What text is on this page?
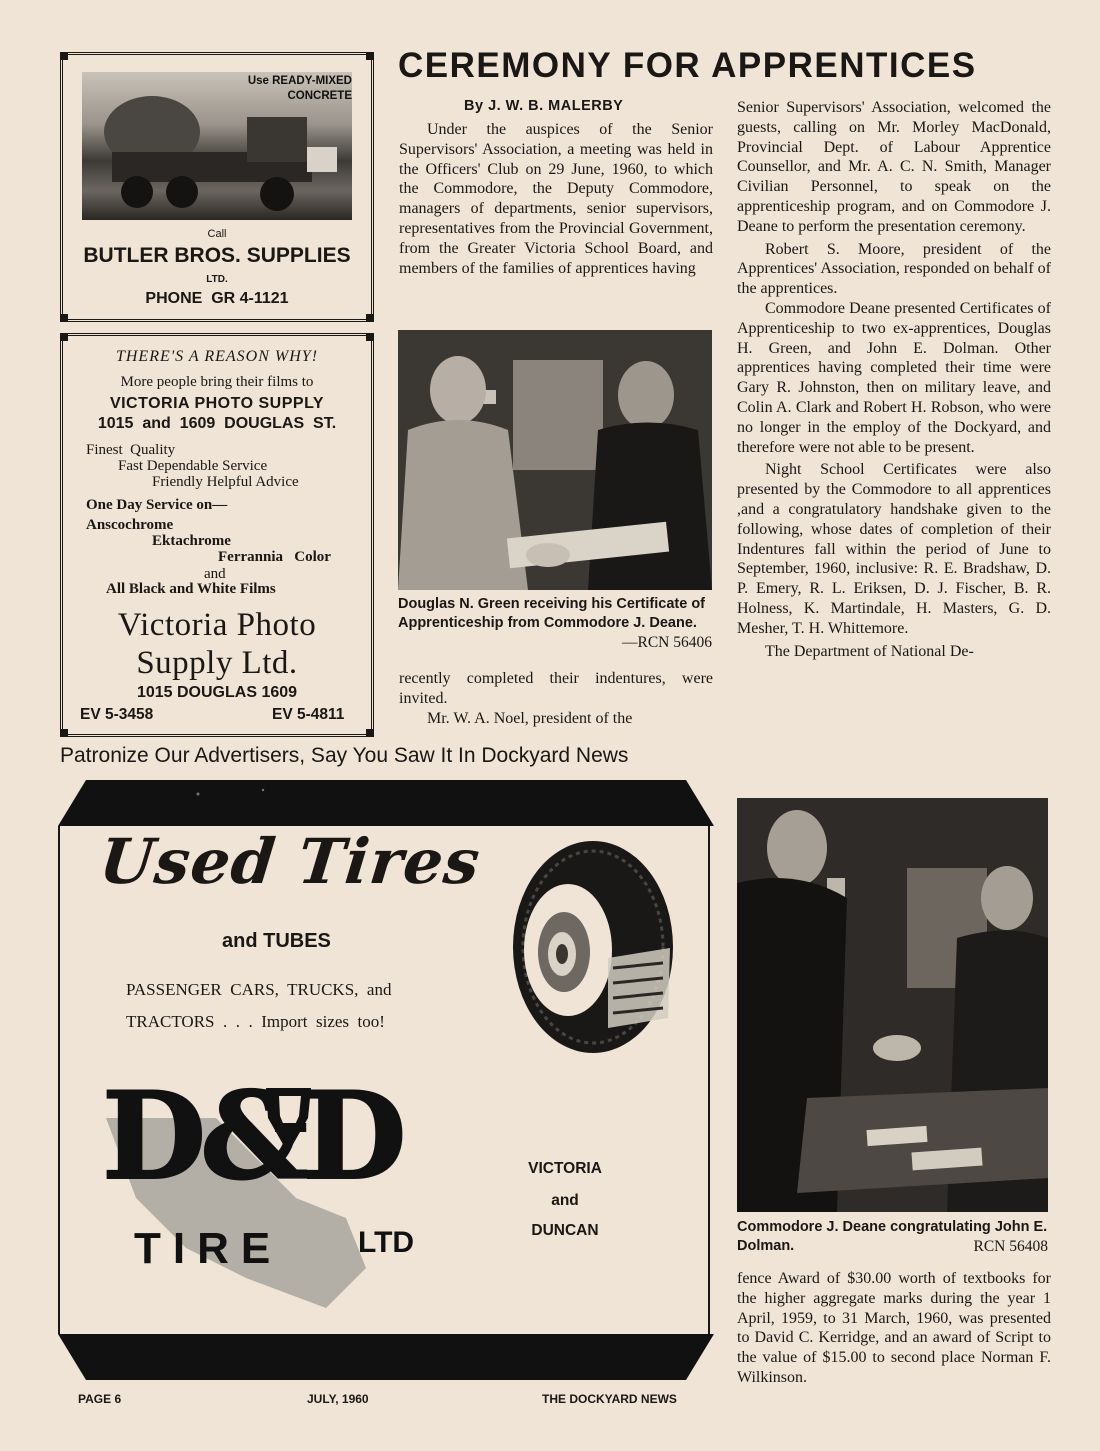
Use READY-MIXED
CONCRETE
Call
BUTLER BROS. SUPPLIES
LTD.
PHONE  GR 4-1121
THERE'S A REASON WHY!
More people bring their films to
VICTORIA PHOTO SUPPLY
1015  and  1609  DOUGLAS  ST.
Finest  Quality
Fast Dependable Service
Friendly Helpful Advice
One Day Service on—
Anscochrome
Ektachrome
Ferrannia   Color
and
All Black and White Films
Victoria Photo
Supply Ltd.
1015 DOUGLAS 1609
EV 5-3458	EV 5-4811
Patronize Our Advertisers, Say You Saw It In Dockyard News
CEREMONY FOR APPRENTICES
By J. W. B. MALERBY

Under the auspices of the Senior Supervisors' Association, a meeting was held in the Officers' Club on 29 June, 1960, to which the Commodore, the Deputy Commodore, managers of departments, senior supervisors, representatives from the Provincial Government, from the Greater Victoria School Board, and members of the families of apprentices having

Douglas N. Green receiving his Certificate of Apprenticeship from Commodore J. Deane.
—RCN 56406

recently completed their indentures, were invited.

Mr. W. A. Noel, president of the

Senior Supervisors' Association, welcomed the guests, calling on Mr. Morley MacDonald, Provincial Dept. of Labour Apprentice Counsellor, and Mr. A. C. N. Smith, Manager Civilian Personnel, to speak on the apprenticeship program, and on Commodore J. Deane to perform the presentation ceremony.

Robert S. Moore, president of the Apprentices' Association, responded on behalf of the apprentices.

Commodore Deane presented Certificates of Apprenticeship to two ex-apprentices, Douglas H. Green, and John E. Dolman. Other apprentices having completed their time were Gary R. Johnston, then on military leave, and Colin A. Clark and Robert H. Robson, who were no longer in the employ of the Dockyard, and therefore were not able to be present.

Night School Certificates were also presented by the Commodore to all apprentices ,and a congratulatory handshake given to the following, whose dates of completion of their Indentures fall within the period of June to September, 1960, inclusive: R. E. Bradshaw, D. P. Emery, R. L. Eriksen, D. J. Fischer, B. R. Holness, K. Martindale, H. Masters, G. D. Mesher, T. H. Whittemore.

The Department of National De-

Commodore J. Deane congratulating John E. Dolman.	RCN 56408

fence Award of $30.00 worth of textbooks for the higher aggregate marks during the year 1 April, 1959, to 31 March, 1960, was presented to David C. Kerridge, and an award of Script to the value of $15.00 to second place Norman F. Wilkinson.

Used Tires
and TUBES
PASSENGER  CARS,  TRUCKS,  and
TRACTORS  .  .  .  Import  sizes  too!
D&D
TIRE	LTD
VICTORIA
and
DUNCAN
PAGE 6	JULY, 1960	THE DOCKYARD NEWS
